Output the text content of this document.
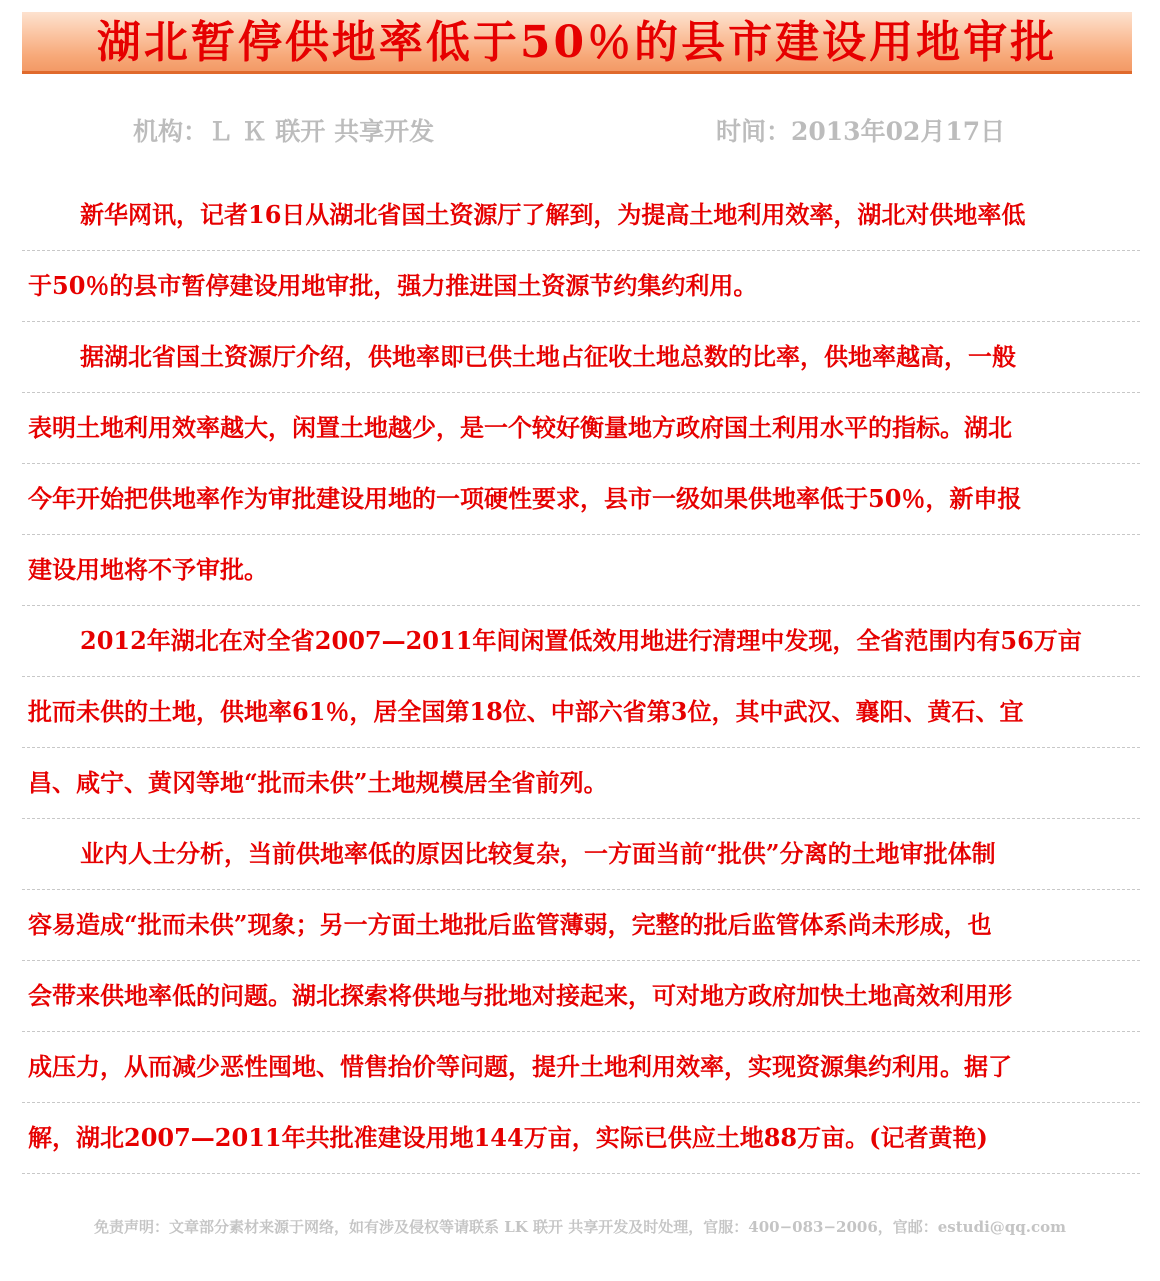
湖北暂停供地率低于50％的县市建设用地审批
机构：Ｌ Ｋ 联开 共享开发	时间：2013年02月17日
新华网讯，记者16日从湖北省国土资源厅了解到，为提高土地利用效率，湖北对供地率低
于50％的县市暂停建设用地审批，强力推进国土资源节约集约利用。
据湖北省国土资源厅介绍，供地率即已供土地占征收土地总数的比率，供地率越高，一般
表明土地利用效率越大，闲置土地越少，是一个较好衡量地方政府国土利用水平的指标。湖北
今年开始把供地率作为审批建设用地的一项硬性要求，县市一级如果供地率低于50％，新申报
建设用地将不予审批。
2012年湖北在对全省2007—2011年间闲置低效用地进行清理中发现，全省范围内有56万亩
批而未供的土地，供地率61％，居全国第18位、中部六省第3位，其中武汉、襄阳、黄石、宜
昌、咸宁、黄冈等地“批而未供”土地规模居全省前列。
业内人士分析，当前供地率低的原因比较复杂，一方面当前“批供”分离的土地审批体制
容易造成“批而未供”现象；另一方面土地批后监管薄弱，完整的批后监管体系尚未形成，也
会带来供地率低的问题。湖北探索将供地与批地对接起来，可对地方政府加快土地高效利用形
成压力，从而减少恶性囤地、惜售抬价等问题，提升土地利用效率，实现资源集约利用。据了
解，湖北2007—2011年共批准建设用地144万亩，实际已供应土地88万亩。(记者黄艳)
免责声明：文章部分素材来源于网络，如有涉及侵权等请联系 LK 联开 共享开发及时处理，官服：400−083−2006，官邮：estudi@qq.com
